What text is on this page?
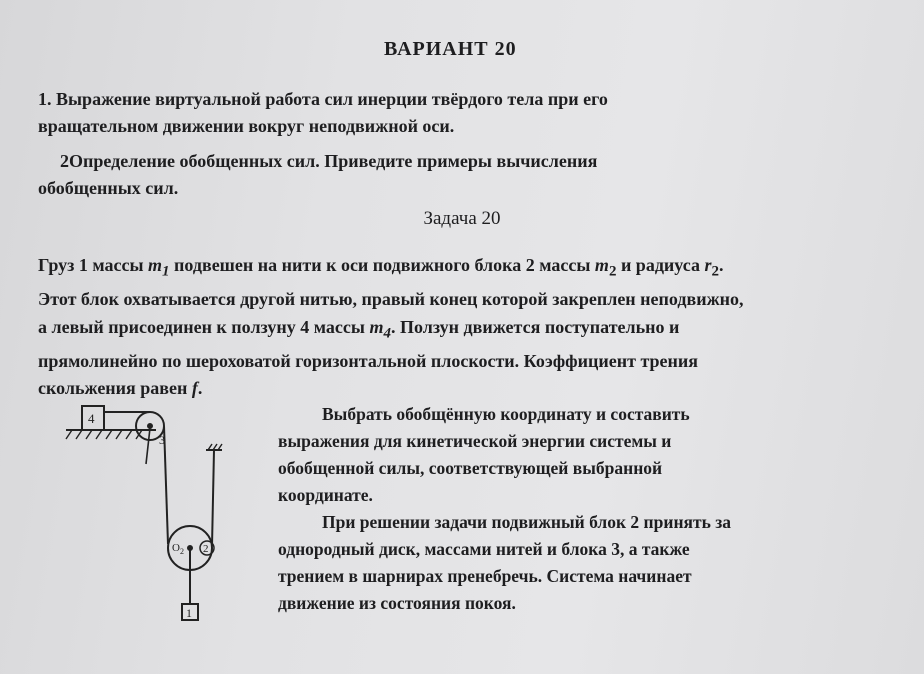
ВАРИАНТ 20

1. Выражение виртуальной работа сил инерции твёрдого тела при его
вращательном движении вокруг неподвижной оси.
2Определение обобщенных сил. Приведите примеры вычисления
обобщенных сил.

Задача 20

Груз 1 массы $m_1$ подвешен на нити к оси подвижного блока 2 массы $m_2$ и радиуса $r_2$.
Этот блок охватывается другой нитью, правый конец которой закреплен неподвижно,
а левый присоединен к ползуну 4 массы $m_4$. Ползун движется поступательно и
прямолинейно по шероховатой горизонтальной плоскости. Коэффициент трения
скольжения равен f.
Выбрать обобщённую координату и составить
выражения для кинетической энергии системы и
обобщенной силы, соответствующей выбранной
координате.
При решении задачи подвижный блок 2 принять за
однородный диск, массами нитей и блока 3, а также
трением в шарнирах пренебречь. Система начинает
движение из состояния покоя.
4
3
$O_2$ 2
1
